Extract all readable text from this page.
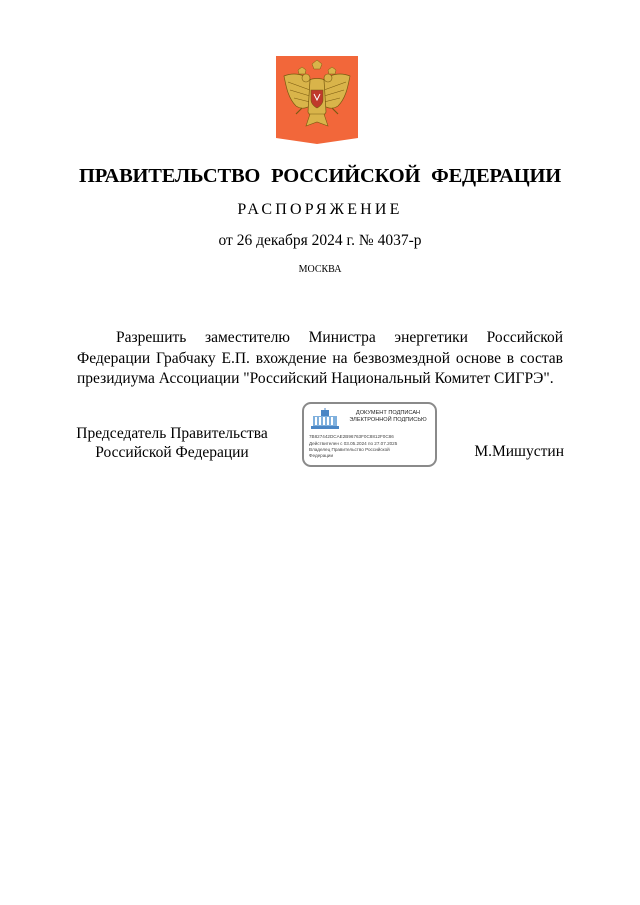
ПРАВИТЕЛЬСТВО РОССИЙСКОЙ ФЕДЕРАЦИИ
РАСПОРЯЖЕНИЕ
от 26 декабря 2024 г. № 4037-р
МОСКВА
Разрешить заместителю Министра энергетики Российской Федерации Грабчаку Е.П. вхождение на безвозмездной основе в состав президиума Ассоциации "Российский Национальный Комитет СИГРЭ".
Председатель Правительства
Российской Федерации
ДОКУМЕНТ ПОДПИСАН
ЭЛЕКТРОННОЙ ПОДПИСЬЮ
7B827442DCAE2B96763F0C8812F0C86
Действителен с 03.05.2024 по 27.07.2025
Владелец Правительство Российской
Федерации	М.Мишустин
